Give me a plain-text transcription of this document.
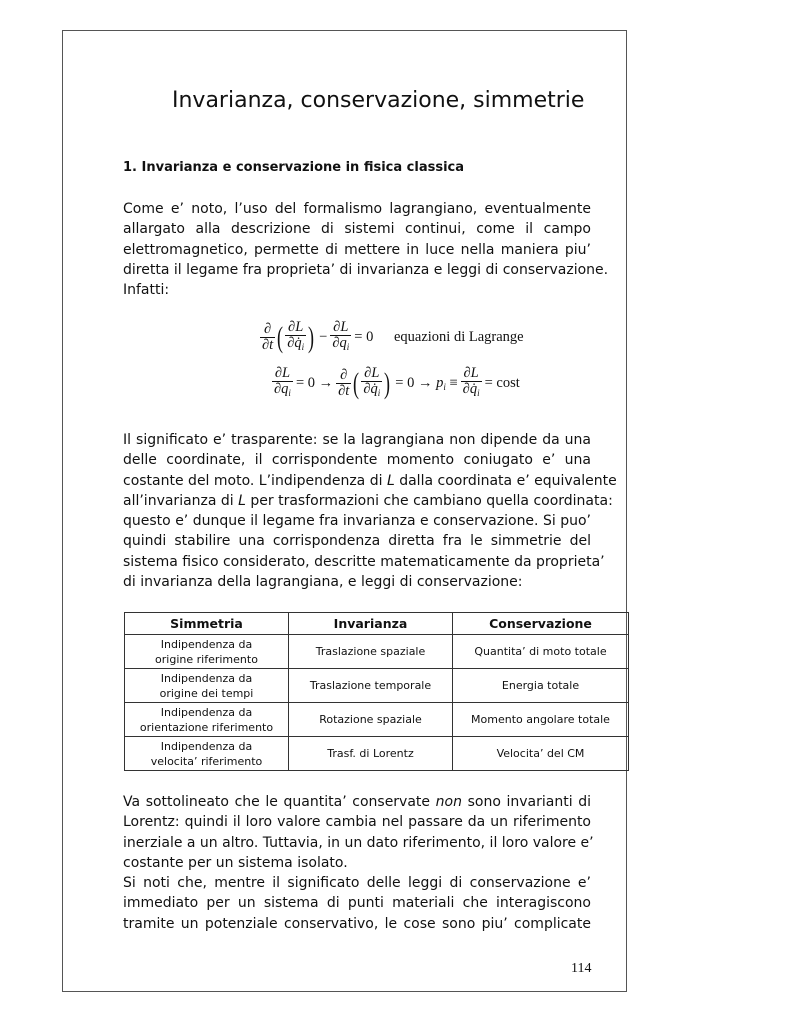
Invarianza, conservazione, simmetrie
1. Invarianza e conservazione in fisica classica
Come e’ noto, l’uso del formalismo lagrangiano, eventualmente
allargato alla descrizione di sistemi continui, come il campo
elettromagnetico, permette di mettere in luce nella maniera piu’
diretta il legame fra proprieta’ di invarianza e leggi di conservazione.
Infatti:
$\frac{\partial}{\partial t}$ ( $\frac{\partial L}{\partial q̇_i}$ ) − $\frac{\partial L}{\partial q_i} = 0$ equazioni di Lagrange
$\frac{\partial L}{\partial q_i} = 0 \to \frac{\partial}{\partial t}$ ( $\frac{\partial L}{\partial q̇_i}$ ) = $0 \to p_i \equiv \frac{\partial L}{\partial q̇_i} = \cos t$
Il significato e’ trasparente: se la lagrangiana non dipende da una
delle coordinate, il corrispondente momento coniugato e’ una
costante del moto. L’indipendenza di L dalla coordinata e’ equivalente
all’invarianza di L per trasformazioni che cambiano quella coordinata:
questo e’ dunque il legame fra invarianza e conservazione. Si puo’
quindi stabilire una corrispondenza diretta fra le simmetrie del
sistema fisico considerato, descritte matematicamente da proprieta’
di invarianza della lagrangiana, e leggi di conservazione:
Simmetria	Invarianza	Conservazione
Indipendenza da
origine riferimento	Traslazione spaziale	Quantita’ di moto totale
Indipendenza da
origine dei tempi	Traslazione temporale	Energia totale
Indipendenza da
orientazione riferimento	Rotazione spaziale	Momento angolare totale
Indipendenza da
velocita’ riferimento	Trasf. di Lorentz	Velocita’ del CM
Va sottolineato che le quantita’ conservate non sono invarianti di
Lorentz: quindi il loro valore cambia nel passare da un riferimento
inerziale a un altro. Tuttavia, in un dato riferimento, il loro valore e’
costante per un sistema isolato.
Si noti che, mentre il significato delle leggi di conservazione e’
immediato per un sistema di punti materiali che interagiscono
tramite un potenziale conservativo, le cose sono piu’ complicate
114
